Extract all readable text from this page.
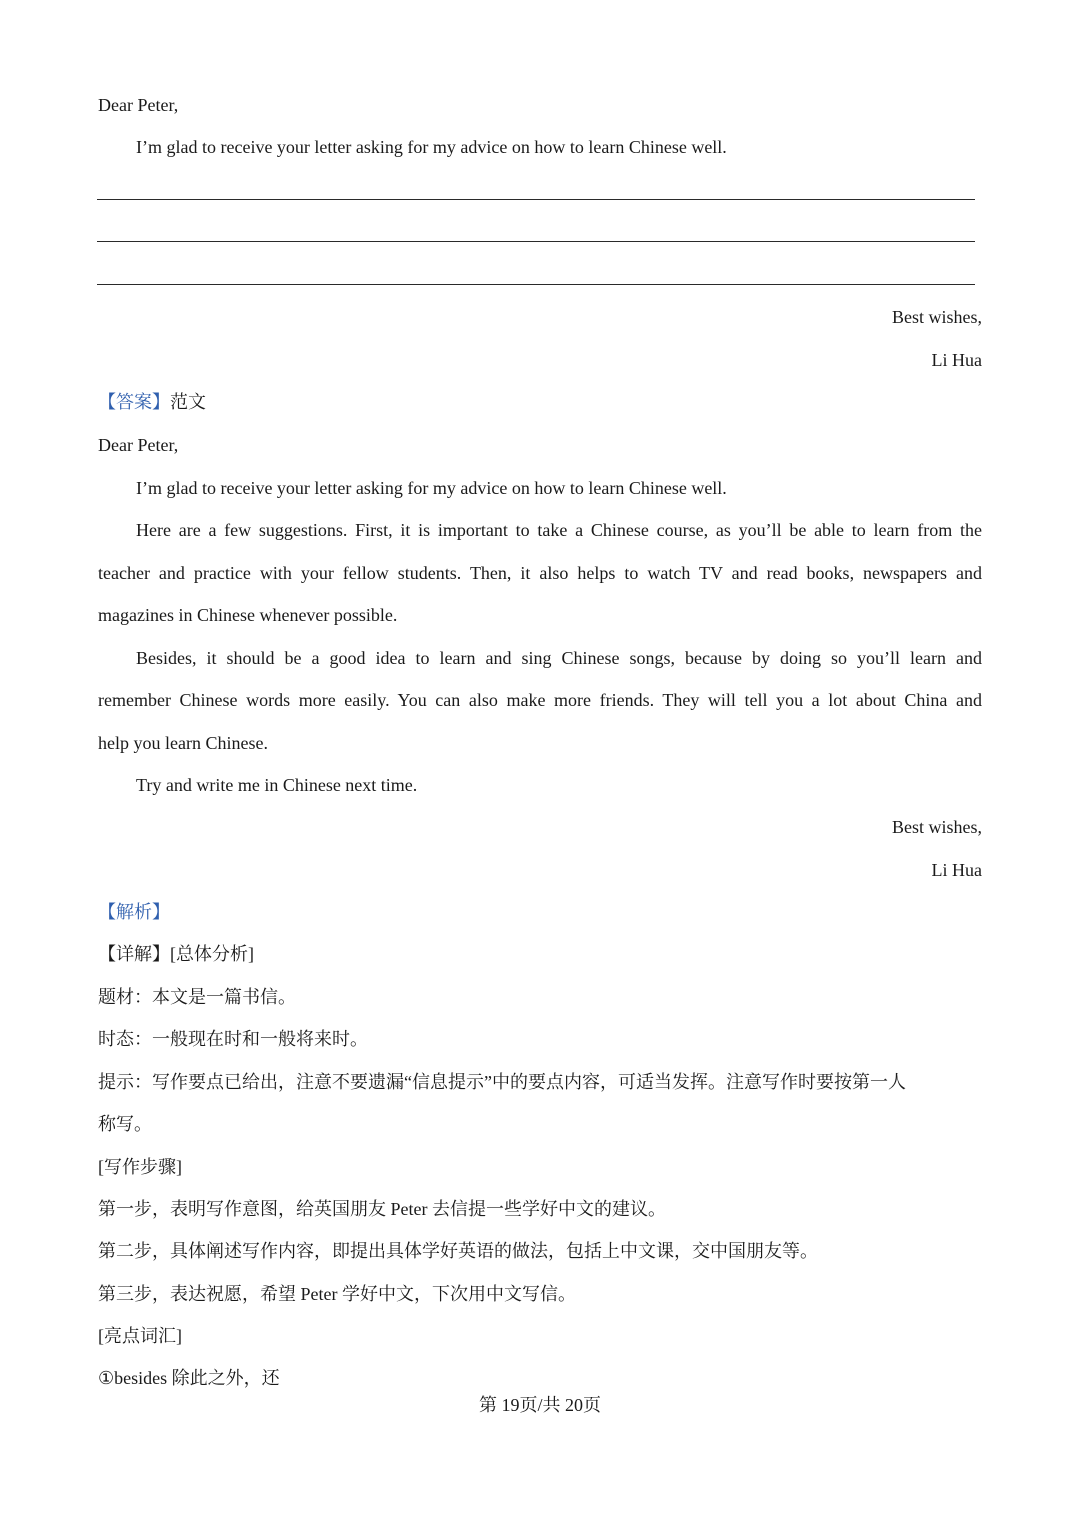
Dear Peter,
I’m glad to receive your letter asking for my advice on how to learn Chinese well.
Best wishes,
Li Hua
【答案】范文
Dear Peter,
I’m glad to receive your letter asking for my advice on how to learn Chinese well.
Here are a few suggestions. First, it is important to take a Chinese course, as you’ll be able to learn from the
teacher and practice with your fellow students. Then, it also helps to watch TV and read books, newspapers and
magazines in Chinese whenever possible.
Besides, it should be a good idea to learn and sing Chinese songs, because by doing so you’ll learn and
remember Chinese words more easily. You can also make more friends. They will tell you a lot about China and
help you learn Chinese.
Try and write me in Chinese next time.
Best wishes,
Li Hua
【解析】
【详解】[总体分析]
题材：本文是一篇书信。
时态：一般现在时和一般将来时。
提示：写作要点已给出，注意不要遗漏“信息提示”中的要点内容，可适当发挥。注意写作时要按第一人
称写。
[写作步骤]
第一步，表明写作意图，给英国朋友 Peter 去信提一些学好中文的建议。
第二步，具体阐述写作内容，即提出具体学好英语的做法，包括上中文课，交中国朋友等。
第三步，表达祝愿，希望 Peter 学好中文，下次用中文写信。
[亮点词汇]
①besides 除此之外，还
第 19页/共 20页
